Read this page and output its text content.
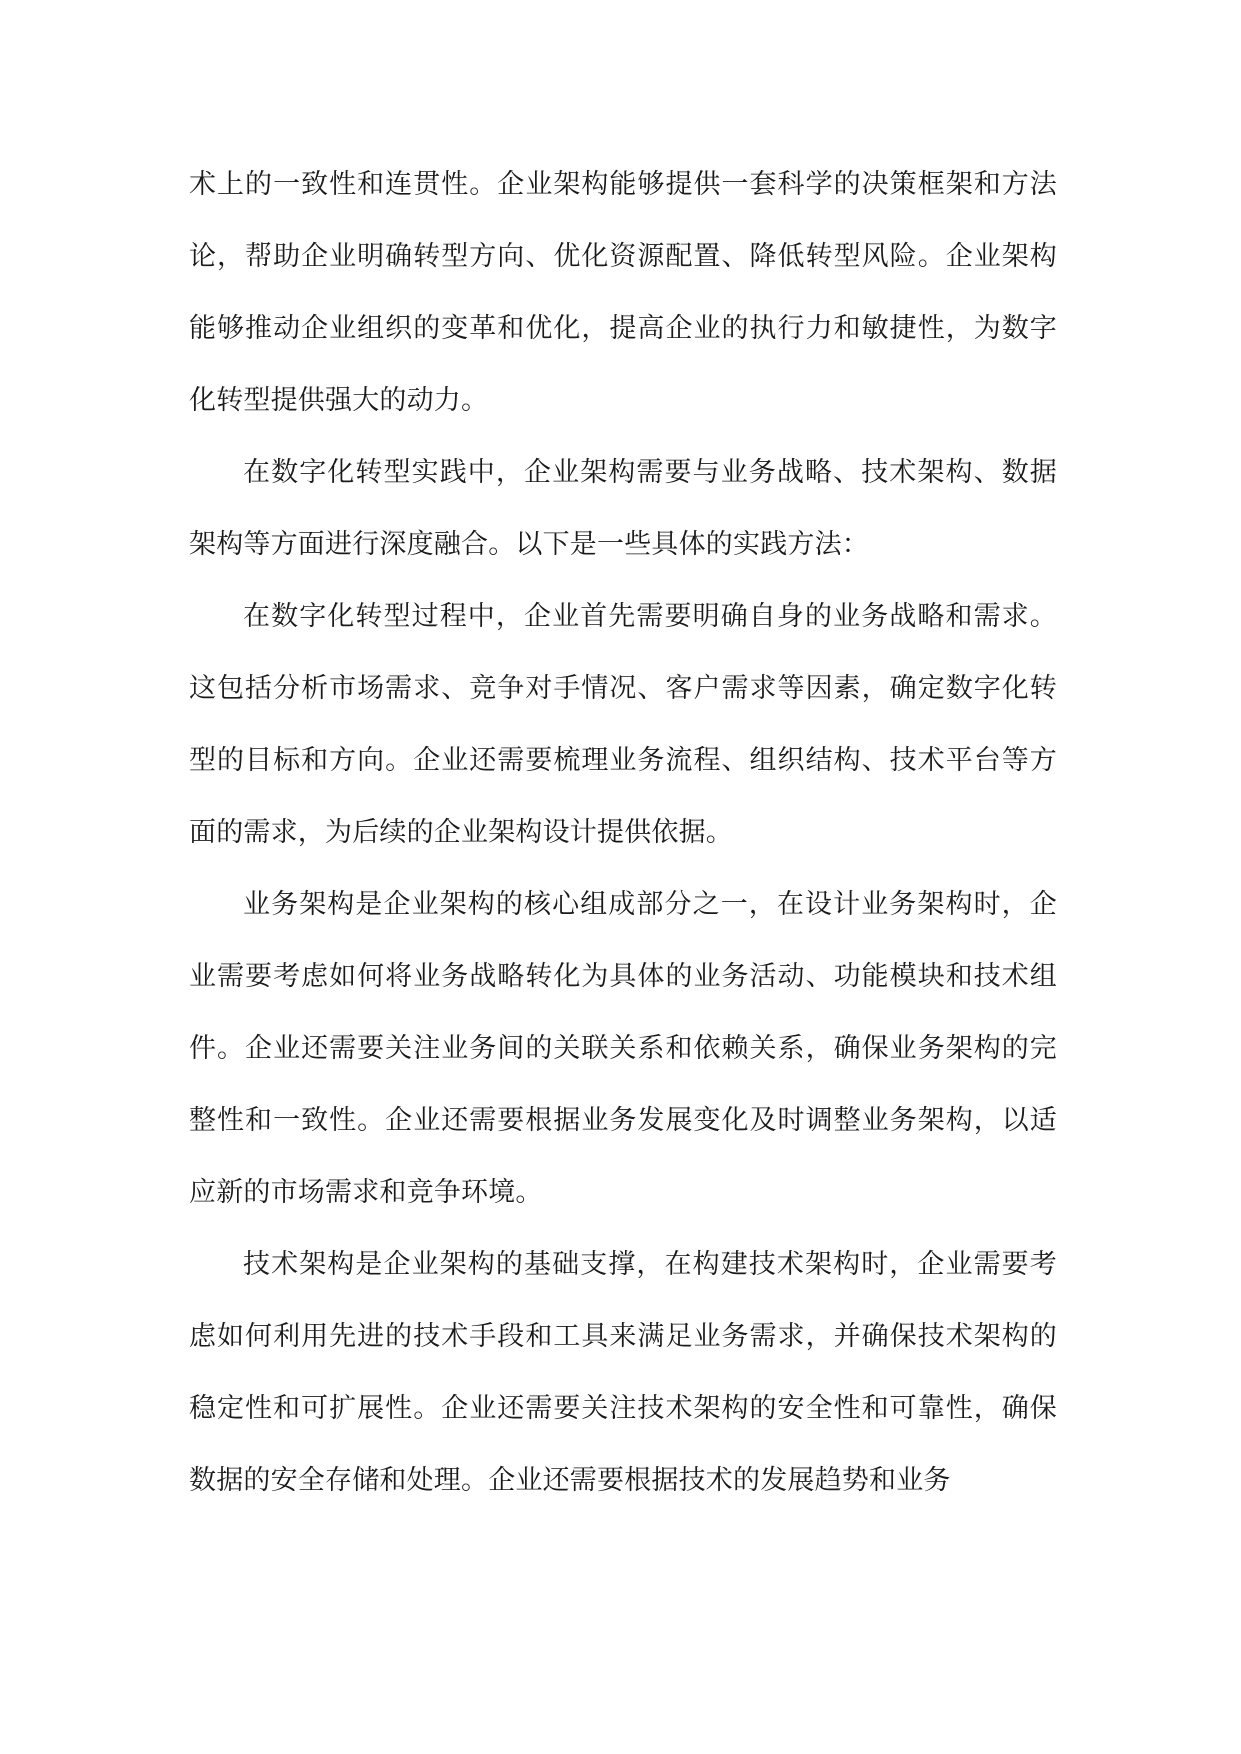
术上的一致性和连贯性。企业架构能够提供一套科学的决策框架和方法论，帮助企业明确转型方向、优化资源配置、降低转型风险。企业架构能够推动企业组织的变革和优化，提高企业的执行力和敏捷性，为数字化转型提供强大的动力。

在数字化转型实践中，企业架构需要与业务战略、技术架构、数据架构等方面进行深度融合。以下是一些具体的实践方法：

在数字化转型过程中，企业首先需要明确自身的业务战略和需求。这包括分析市场需求、竞争对手情况、客户需求等因素，确定数字化转型的目标和方向。企业还需要梳理业务流程、组织结构、技术平台等方面的需求，为后续的企业架构设计提供依据。

业务架构是企业架构的核心组成部分之一，在设计业务架构时，企业需要考虑如何将业务战略转化为具体的业务活动、功能模块和技术组件。企业还需要关注业务间的关联关系和依赖关系，确保业务架构的完整性和一致性。企业还需要根据业务发展变化及时调整业务架构，以适应新的市场需求和竞争环境。

技术架构是企业架构的基础支撑，在构建技术架构时，企业需要考虑如何利用先进的技术手段和工具来满足业务需求，并确保技术架构的稳定性和可扩展性。企业还需要关注技术架构的安全性和可靠性，确保数据的安全存储和处理。企业还需要根据技术的发展趋势和业务
